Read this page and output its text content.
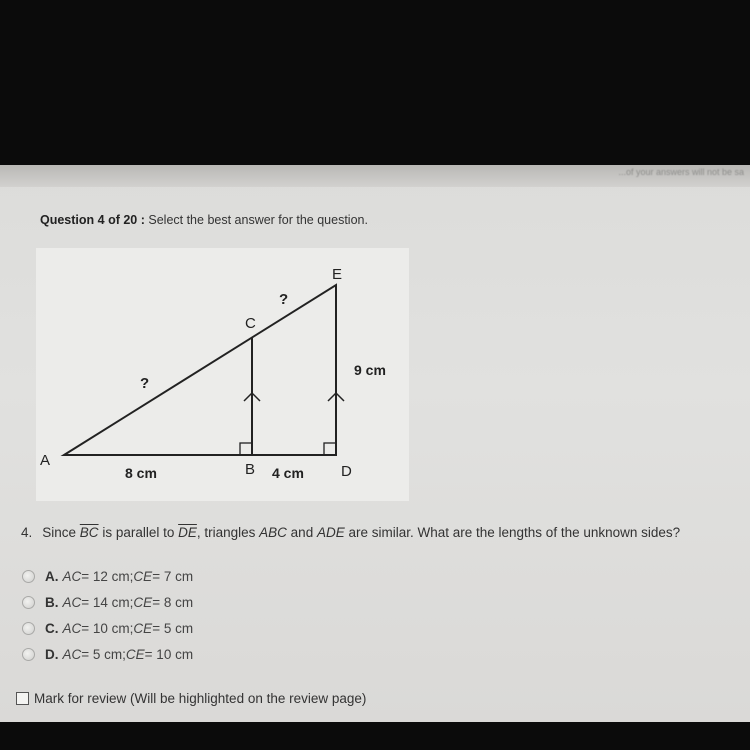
...of your answers will not be sa
Question 4 of 20 : Select the best answer for the question.
A
B
C
D
E
?
?
8 cm	4 cm
9 cm
4. Since $\overline{BC}$ is parallel to $\overline{DE}$, triangles ABC and ADE are similar. What are the lengths of the unknown sides?
A. AC = 12 cm; CE = 7 cm
B. AC = 14 cm; CE = 8 cm
C. AC = 10 cm; CE = 5 cm
D. AC = 5 cm; CE = 10 cm
Mark for review (Will be highlighted on the review page)
